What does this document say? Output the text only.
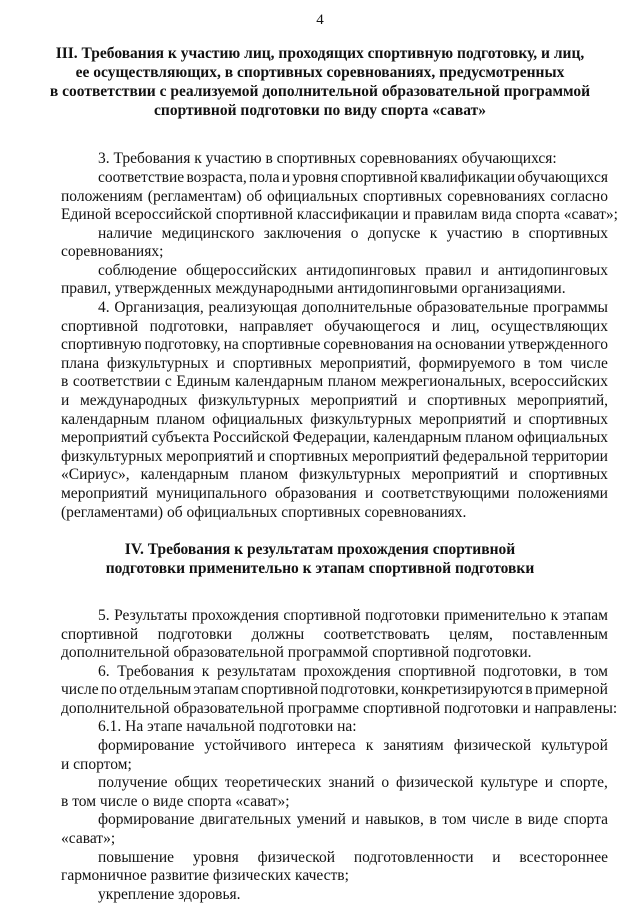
4
III. Требования к участию лиц, проходящих спортивную подготовку, и лиц,
ее осуществляющих, в спортивных соревнованиях, предусмотренных
в соответствии с реализуемой дополнительной образовательной программой
спортивной подготовки по виду спорта «сават»
3. Требования к участию в спортивных соревнованиях обучающихся:
соответствие возраста, пола и уровня спортивной квалификации обучающихся
положениям (регламентам) об официальных спортивных соревнованиях согласно
Единой всероссийской спортивной классификации и правилам вида спорта «сават»;
наличие медицинского заключения о допуске к участию в спортивных
соревнованиях;
соблюдение общероссийских антидопинговых правил и антидопинговых
правил, утвержденных международными антидопинговыми организациями.
4. Организация, реализующая дополнительные образовательные программы
спортивной подготовки, направляет обучающегося и лиц, осуществляющих
спортивную подготовку, на спортивные соревнования на основании утвержденного
плана физкультурных и спортивных мероприятий, формируемого в том числе
в соответствии с Единым календарным планом межрегиональных, всероссийских
и международных физкультурных мероприятий и спортивных мероприятий,
календарным планом официальных физкультурных мероприятий и спортивных
мероприятий субъекта Российской Федерации, календарным планом официальных
физкультурных мероприятий и спортивных мероприятий федеральной территории
«Сириус», календарным планом физкультурных мероприятий и спортивных
мероприятий муниципального образования и соответствующими положениями
(регламентами) об официальных спортивных соревнованиях.
IV. Требования к результатам прохождения спортивной
подготовки применительно к этапам спортивной подготовки
5. Результаты прохождения спортивной подготовки применительно к этапам
спортивной подготовки должны соответствовать целям, поставленным
дополнительной образовательной программой спортивной подготовки.
6. Требования к результатам прохождения спортивной подготовки, в том
числе по отдельным этапам спортивной подготовки, конкретизируются в примерной
дополнительной образовательной программе спортивной подготовки и направлены:
6.1. На этапе начальной подготовки на:
формирование устойчивого интереса к занятиям физической культурой
и спортом;
получение общих теоретических знаний о физической культуре и спорте,
в том числе о виде спорта «сават»;
формирование двигательных умений и навыков, в том числе в виде спорта
«сават»;
повышение уровня физической подготовленности и всестороннее
гармоничное развитие физических качеств;
укрепление здоровья.
